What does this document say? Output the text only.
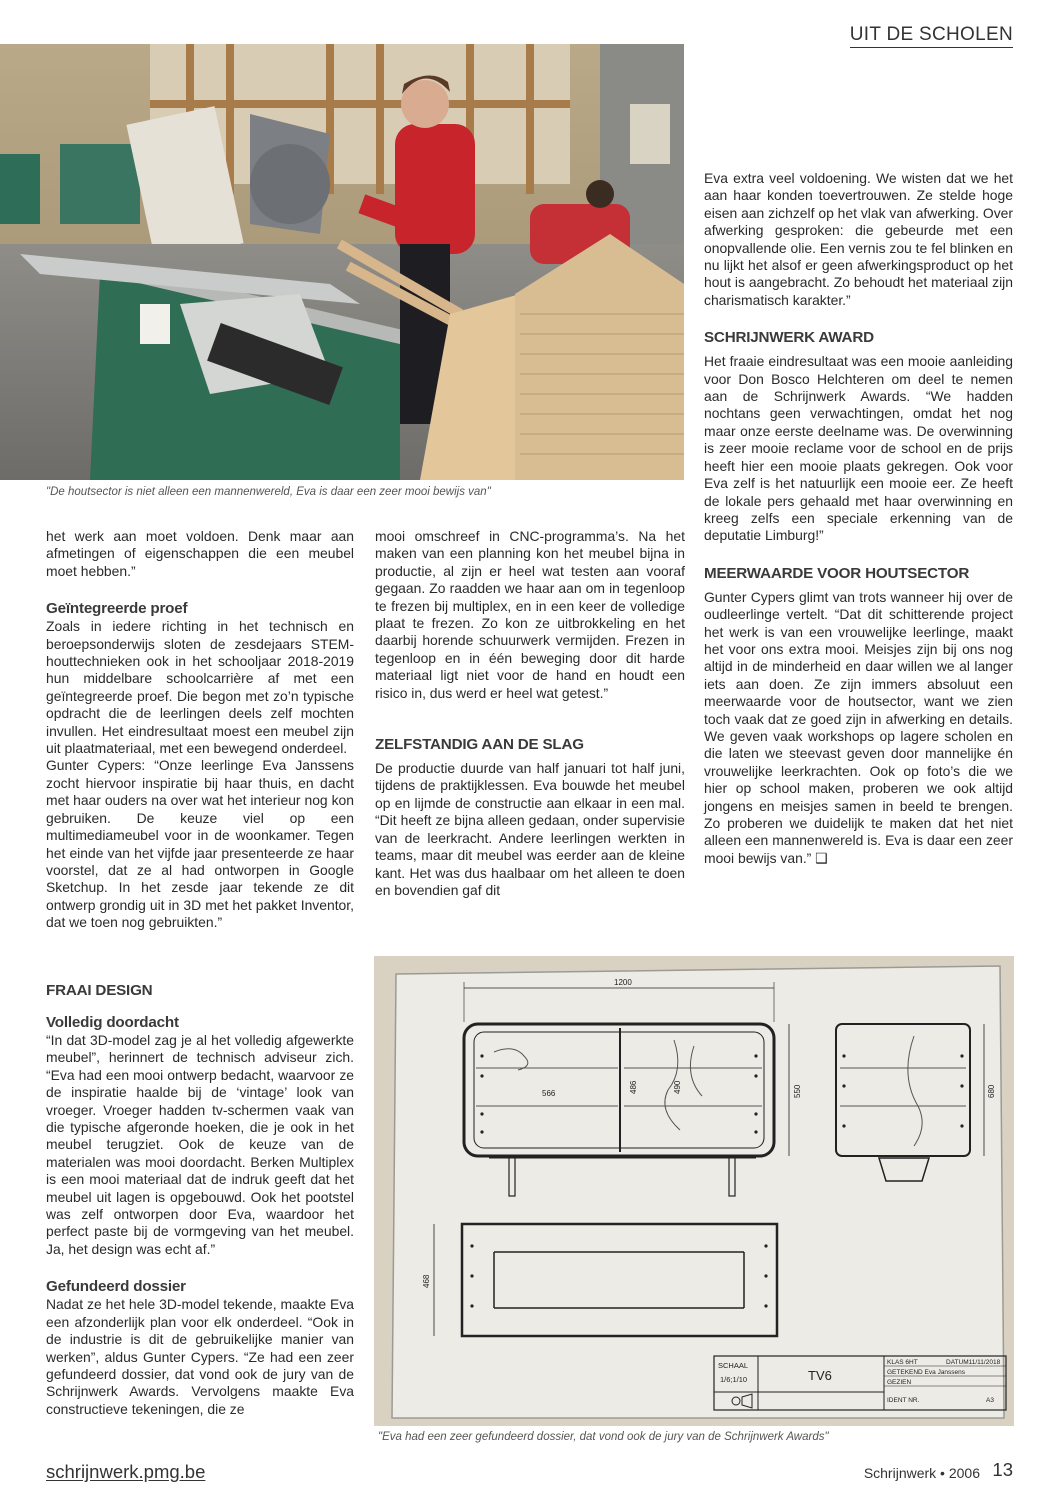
UIT DE SCHOLEN
"De houtsector is niet alleen een mannenwereld, Eva is daar een zeer mooi bewijs van"

het werk aan moet voldoen. Denk maar aan afmetingen of eigenschappen die een meubel moet hebben.”

Geïntegreerde proef

Zoals in iedere richting in het technisch en beroepsonderwijs sloten de zesdejaars STEM-houttechnieken ook in het schooljaar 2018-2019 hun middelbare schoolcarrière af met een geïntegreerde proef. Die begon met zo’n typische opdracht die de leerlingen deels zelf mochten invullen. Het eindresultaat moest een meubel zijn uit plaatmateriaal, met een bewegend onderdeel.

Gunter Cypers: “Onze leerlinge Eva Janssens zocht hiervoor inspiratie bij haar thuis, en dacht met haar ouders na over wat het interieur nog kon gebruiken. De keuze viel op een multimediameubel voor in de woonkamer. Tegen het einde van het vijfde jaar presenteerde ze haar voorstel, dat ze al had ontworpen in Google Sketchup. In het zesde jaar tekende ze dit ontwerp grondig uit in 3D met het pakket Inventor, dat we toen nog gebruikten.”

FRAAI DESIGN
Volledig doordacht

“In dat 3D-model zag je al het volledig afgewerkte meubel”, herinnert de technisch adviseur zich. “Eva had een mooi ontwerp bedacht, waarvoor ze de inspiratie haalde bij de ‘vintage’ look van vroeger. Vroeger hadden tv-schermen vaak van die typische afgeronde hoeken, die je ook in het meubel terugziet. Ook de keuze van de materialen was mooi doordacht. Berken Multiplex is een mooi materiaal dat de indruk geeft dat het meubel uit lagen is opgebouwd. Ook het pootstel was zelf ontworpen door Eva, waardoor het perfect paste bij de vormgeving van het meubel. Ja, het design was echt af.”

Gefundeerd dossier

Nadat ze het hele 3D-model tekende, maakte Eva een afzonderlijk plan voor elk onderdeel. “Ook in de industrie is dit de gebruikelijke manier van werken”, aldus Gunter Cypers. “Ze had een zeer gefundeerd dossier, dat vond ook de jury van de Schrijnwerk Awards. Vervolgens maakte Eva constructieve tekeningen, die ze

mooi omschreef in CNC-programma’s. Na het maken van een planning kon het meubel bijna in productie, al zijn er heel wat testen aan vooraf gegaan. Zo raadden we haar aan om in tegenloop te frezen bij multiplex, en in een keer de volledige plaat te frezen. Zo kon ze uitbrokkeling en het daarbij horende schuurwerk vermijden. Frezen in tegenloop en in één beweging door dit harde materiaal ligt niet voor de hand en houdt een risico in, dus werd er heel wat getest.”

ZELFSTANDIG AAN DE SLAG

De productie duurde van half januari tot half juni, tijdens de praktijklessen. Eva bouwde het meubel op en lijmde de constructie aan elkaar in een mal. “Dit heeft ze bijna alleen gedaan, onder supervisie van de leerkracht. Andere leerlingen werkten in teams, maar dit meubel was eerder aan de kleine kant. Het was dus haalbaar om het alleen te doen en bovendien gaf dit

Eva extra veel voldoening. We wisten dat we het aan haar konden toevertrouwen. Ze stelde hoge eisen aan zichzelf op het vlak van afwerking. Over afwerking gesproken: die gebeurde met een onopvallende olie. Een vernis zou te fel blinken en nu lijkt het alsof er geen afwerkingsproduct op het hout is aangebracht. Zo behoudt het materiaal zijn charismatisch karakter.”

SCHRIJNWERK AWARD

Het fraaie eindresultaat was een mooie aanleiding voor Don Bosco Helchteren om deel te nemen aan de Schrijnwerk Awards. “We hadden nochtans geen verwachtingen, omdat het nog maar onze eerste deelname was. De overwinning is zeer mooie reclame voor de school en de prijs heeft hier een mooie plaats gekregen. Ook voor Eva zelf is het natuurlijk een mooie eer. Ze heeft de lokale pers gehaald met haar overwinning en kreeg zelfs een speciale erkenning van de deputatie Limburg!”

MEERWAARDE VOOR HOUTSECTOR

Gunter Cypers glimt van trots wanneer hij over de oudleerlinge vertelt. “Dat dit schitterende project het werk is van een vrouwelijke leerlinge, maakt het voor ons extra mooi. Meisjes zijn bij ons nog altijd in de minderheid en daar willen we al langer iets aan doen. Ze zijn immers absoluut een meerwaarde voor de houtsector, want we zien toch vaak dat ze goed zijn in afwerking en details. We geven vaak workshops op lagere scholen en die laten we steevast geven door mannelijke én vrouwelijke leerkrachten. Ook op foto’s die we hier op school maken, proberen we ook altijd jongens en meisjes samen in beeld te brengen. Zo proberen we duidelijk te maken dat het niet alleen een mannenwereld is. Eva is daar een zeer mooi bewijs van.” ❑

1200
566	486	490	550	680
468
SCHAAL
1/6;1/10	TV6
KLAS 6HT	DATUM11/11/2018
GETEKEND Eva Janssens
GEZIEN
IDENT NR.	A3
"Eva had een zeer gefundeerd dossier, dat vond ook de jury van de Schrijnwerk Awards"
schrijnwerk.pmg.be	Schrijnwerk • 2006 13
